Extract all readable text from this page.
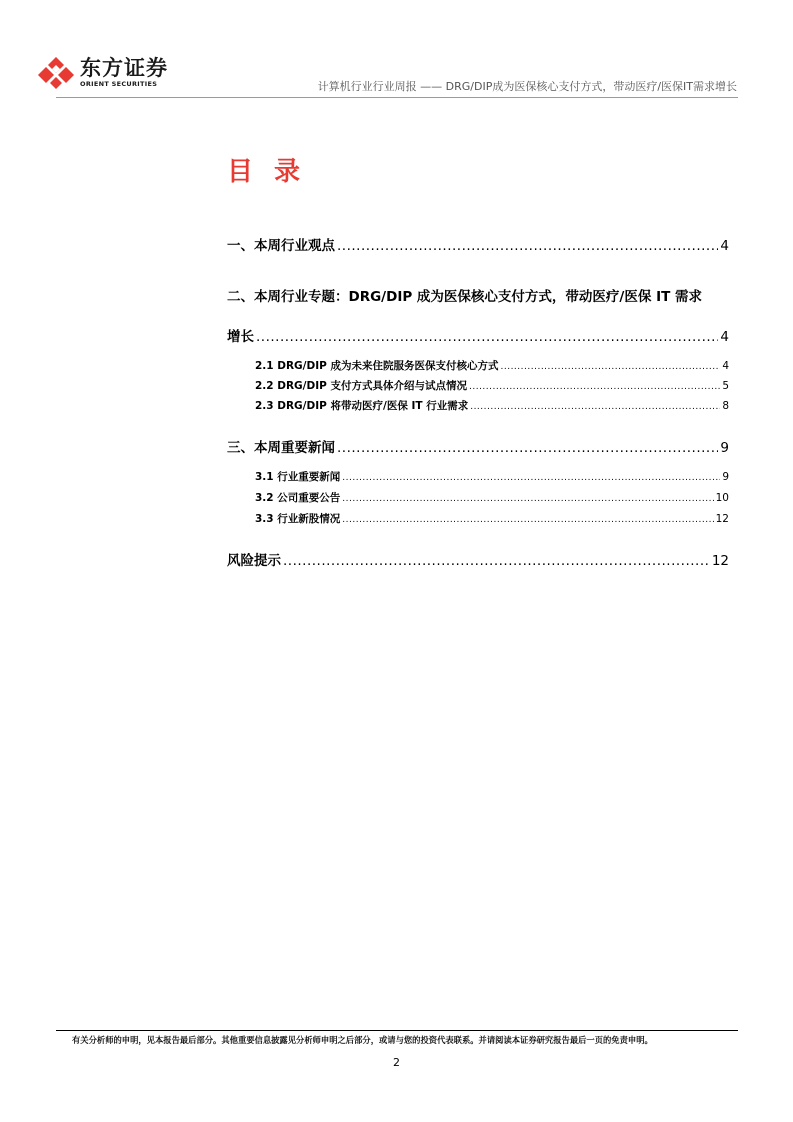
东方证券
ORIENT SECURITIES	计算机行业行业周报 —— DRG/DIP成为医保核心支付方式，带动医疗/医保IT需求增长
目 录
一、本周行业观点 .....	4
二、本周行业专题：DRG/DIP 成为医保核心支付方式，带动医疗/医保 IT 需求
增长 .....	4
2.1 DRG/DIP 成为未来住院服务医保支付核心方式 .....	4
2.2 DRG/DIP 支付方式具体介绍与试点情况 .....	5
2.3 DRG/DIP 将带动医疗/医保 IT 行业需求 .....	8
三、本周重要新闻 .....	9
3.1 行业重要新闻 .....	9
3.2 公司重要公告 .....	10
3.3 行业新股情况 .....	12
风险提示 .....	12
有关分析师的申明，见本报告最后部分。其他重要信息披露见分析师申明之后部分，或请与您的投资代表联系。并请阅读本证券研究报告最后一页的免责申明。
2
